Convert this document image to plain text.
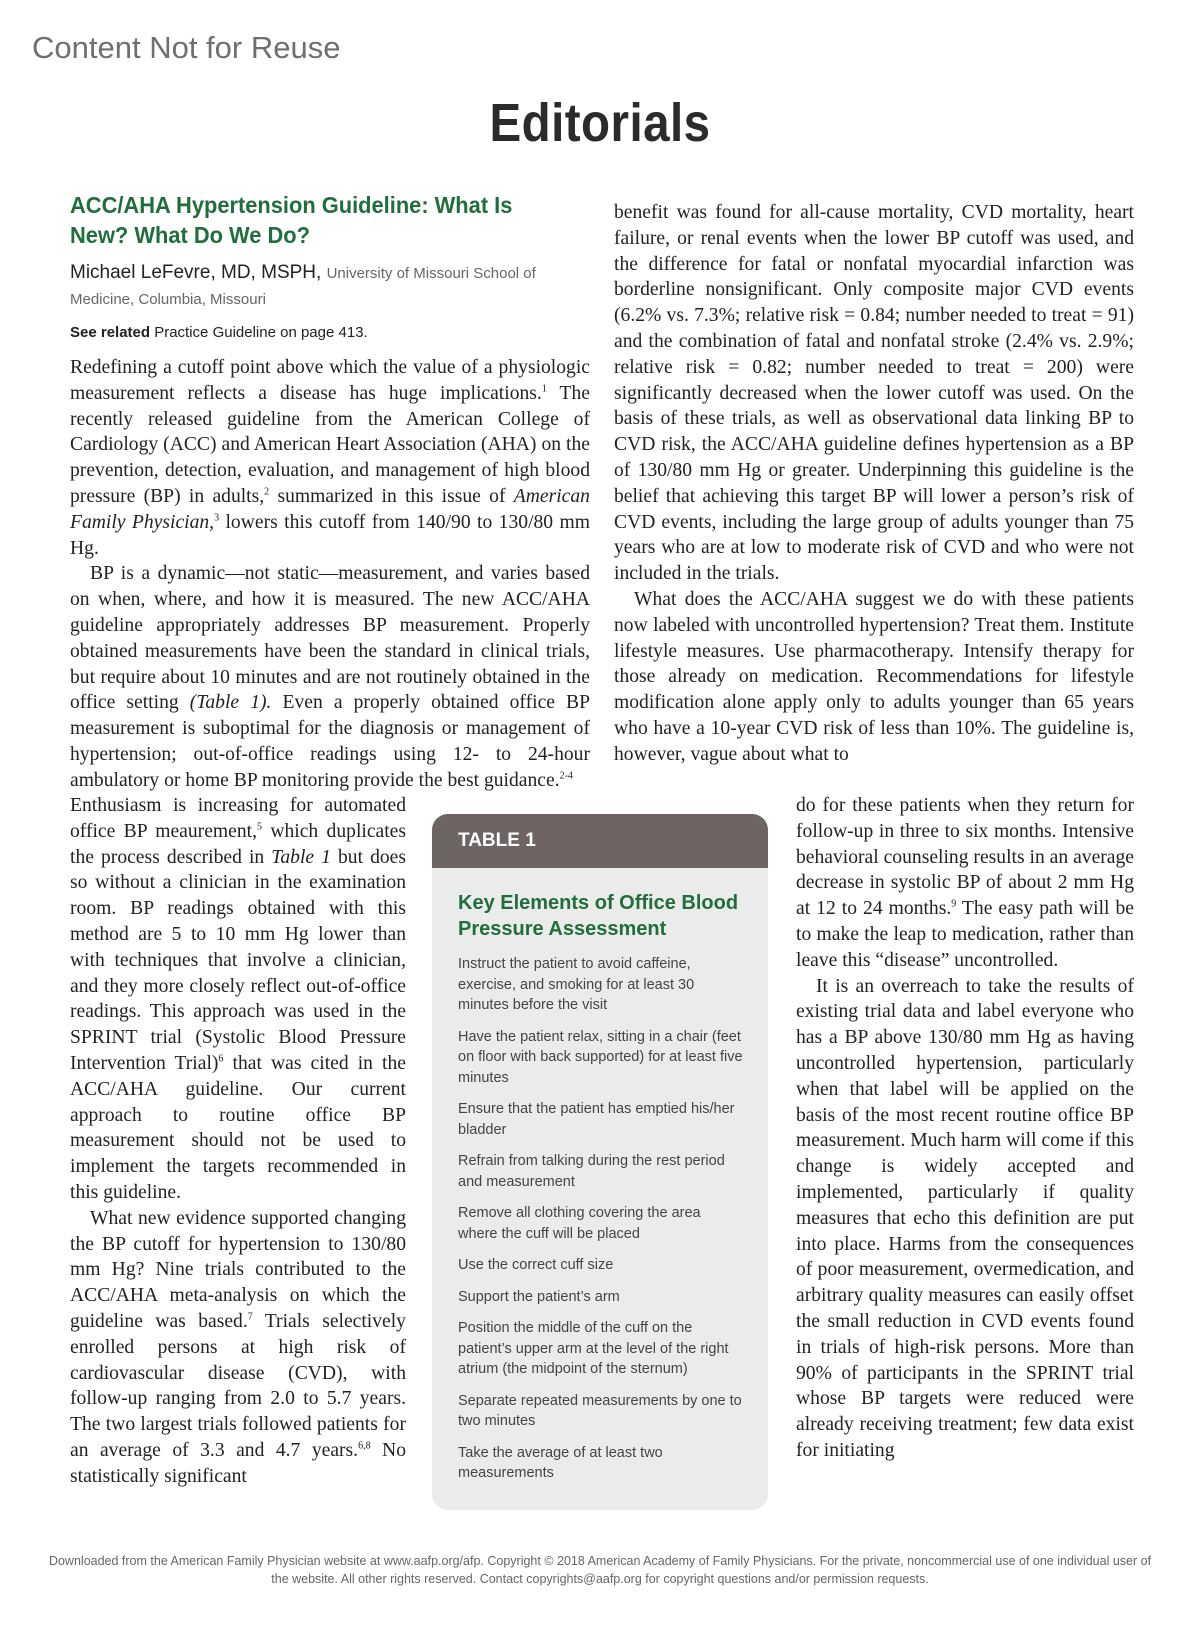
Content Not for Reuse
Editorials
ACC/AHA Hypertension Guideline: What Is New? What Do We Do?
Michael LeFevre, MD, MSPH, University of Missouri School of Medicine, Columbia, Missouri
See related Practice Guideline on page 413.

Redefining a cutoff point above which the value of a physiologic measurement reflects a disease has huge implications.$^1$ The recently released guideline from the American College of Cardiology (ACC) and American Heart Association (AHA) on the prevention, detection, evaluation, and management of high blood pressure (BP) in adults,$^2$ summarized in this issue of American Family Physician,$^3$ lowers this cutoff from 140/90 to 130/80 mm Hg.

BP is a dynamic—not static—measurement, and varies based on when, where, and how it is measured. The new ACC/AHA guideline appropriately addresses BP measurement. Properly obtained measurements have been the standard in clinical trials, but require about 10 minutes and are not routinely obtained in the office setting (Table 1). Even a properly obtained office BP measurement is suboptimal for the diagnosis or management of hypertension; out-of-office readings using 12- to 24-hour ambulatory or home BP monitoring provide the best guidance.$^{2-4}$

Enthusiasm is increasing for automated office BP meaurement,$^5$ which duplicates the process described in Table 1 but does so without a clinician in the examination room. BP readings obtained with this method are 5 to 10 mm Hg lower than with techniques that involve a clinician, and they more closely reflect out-of-office readings. This approach was used in the SPRINT trial (Systolic Blood Pressure Intervention Trial)$^6$ that was cited in the ACC/AHA guideline. Our current approach to routine office BP measurement should not be used to implement the targets recommended in this guideline.

What new evidence supported changing the BP cutoff for hypertension to 130/80 mm Hg? Nine trials contributed to the ACC/AHA meta-analysis on which the guideline was based.$^7$ Trials selectively enrolled persons at high risk of cardiovascular disease (CVD), with follow-up ranging from 2.0 to 5.7 years. The two largest trials followed patients for an average of 3.3 and 4.7 years.$^{6,8}$ No statistically significant

benefit was found for all-cause mortality, CVD mortality, heart failure, or renal events when the lower BP cutoff was used, and the difference for fatal or nonfatal myocardial infarction was borderline nonsignificant. Only composite major CVD events (6.2% vs. 7.3%; relative risk = 0.84; number needed to treat = 91) and the combination of fatal and nonfatal stroke (2.4% vs. 2.9%; relative risk = 0.82; number needed to treat = 200) were significantly decreased when the lower cutoff was used. On the basis of these trials, as well as observational data linking BP to CVD risk, the ACC/AHA guideline defines hypertension as a BP of 130/80 mm Hg or greater. Underpinning this guideline is the belief that achieving this target BP will lower a person’s risk of CVD events, including the large group of adults younger than 75 years who are at low to moderate risk of CVD and who were not included in the trials.

What does the ACC/AHA suggest we do with these patients now labeled with uncontrolled hypertension? Treat them. Institute lifestyle measures. Use pharmacotherapy. Intensify therapy for those already on medication. Recommendations for lifestyle modification alone apply only to adults younger than 65 years who have a 10-year CVD risk of less than 10%. The guideline is, however, vague about what to

do for these patients when they return for follow-up in three to six months. Intensive behavioral counseling results in an average decrease in systolic BP of about 2 mm Hg at 12 to 24 months.$^9$ The easy path will be to make the leap to medication, rather than leave this “disease” uncontrolled.

It is an overreach to take the results of existing trial data and label everyone who has a BP above 130/80 mm Hg as having uncontrolled hypertension, particularly when that label will be applied on the basis of the most recent routine office BP measurement. Much harm will come if this change is widely accepted and implemented, particularly if quality measures that echo this definition are put into place. Harms from the consequences of poor measurement, overmedication, and arbitrary quality measures can easily offset the small reduction in CVD events found in trials of high-risk persons. More than 90% of participants in the SPRINT trial whose BP targets were reduced were already receiving treatment; few data exist for initiating

TABLE 1
Key Elements of Office Blood Pressure Assessment
Instruct the patient to avoid caffeine, exercise, and smoking for at least 30 minutes before the visit
Have the patient relax, sitting in a chair (feet on floor with back supported) for at least five minutes
Ensure that the patient has emptied his/her bladder
Refrain from talking during the rest period and measurement
Remove all clothing covering the area where the cuff will be placed
Use the correct cuff size
Support the patient’s arm
Position the middle of the cuff on the patient’s upper arm at the level of the right atrium (the midpoint of the sternum)
Separate repeated measurements by one to two minutes
Take the average of at least two measurements
Downloaded from the American Family Physician website at www.aafp.org/afp. Copyright © 2018 American Academy of Family Physicians. For the private, noncommercial use of one individual user of the website. All other rights reserved. Contact copyrights@aafp.org for copyright questions and/or permission requests.
